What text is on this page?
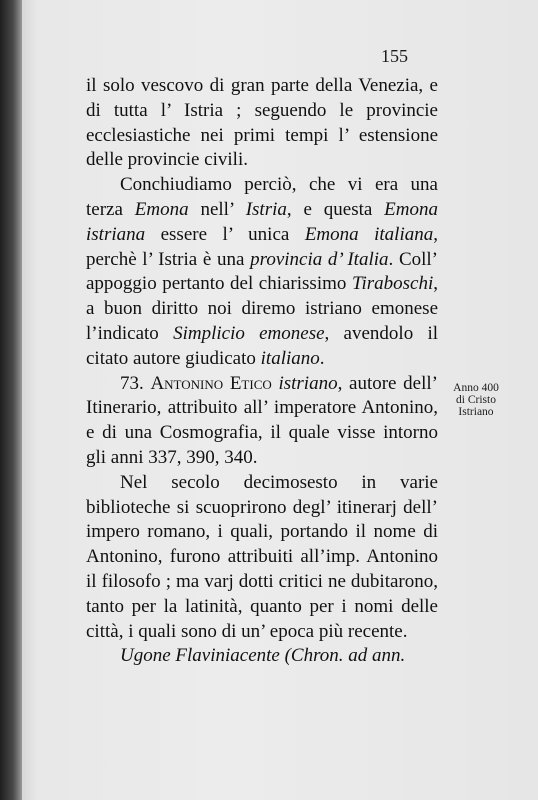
155

il solo vescovo di gran parte della Venezia, e di tutta l’ Istria ; seguendo le provincie ecclesiastiche nei primi tempi l’ estensione delle provincie civili.

Conchiudiamo perciò, che vi era una terza Emona nell’ Istria, e questa Emona istriana essere l’ unica Emona italiana, perchè l’ Istria è una provincia d’ Italia. Coll’ appoggio pertanto del chiarissimo Tiraboschi, a buon diritto noi diremo istriano emonese l’indicato Simplicio emonese, avendolo il citato autore giudicato italiano.

73. Antonino Etico istriano, autore dell’ Itinerario, attribuito all’ imperatore Antonino, e di una Cosmografia, il quale visse intorno gli anni 337, 390, 340.

Nel secolo decimosesto in varie biblioteche si scuoprirono degl’ itinerarj dell’ impero romano, i quali, portando il nome di Antonino, furono attribuiti all’imp. Antonino il filosofo ; ma varj dotti critici ne dubitarono, tanto per la latinità, quanto per i nomi delle città, i quali sono di un’ epoca più recente.

Ugone Flaviniacente (Chron. ad ann.

Anno 400
di Cristo
Istriano
